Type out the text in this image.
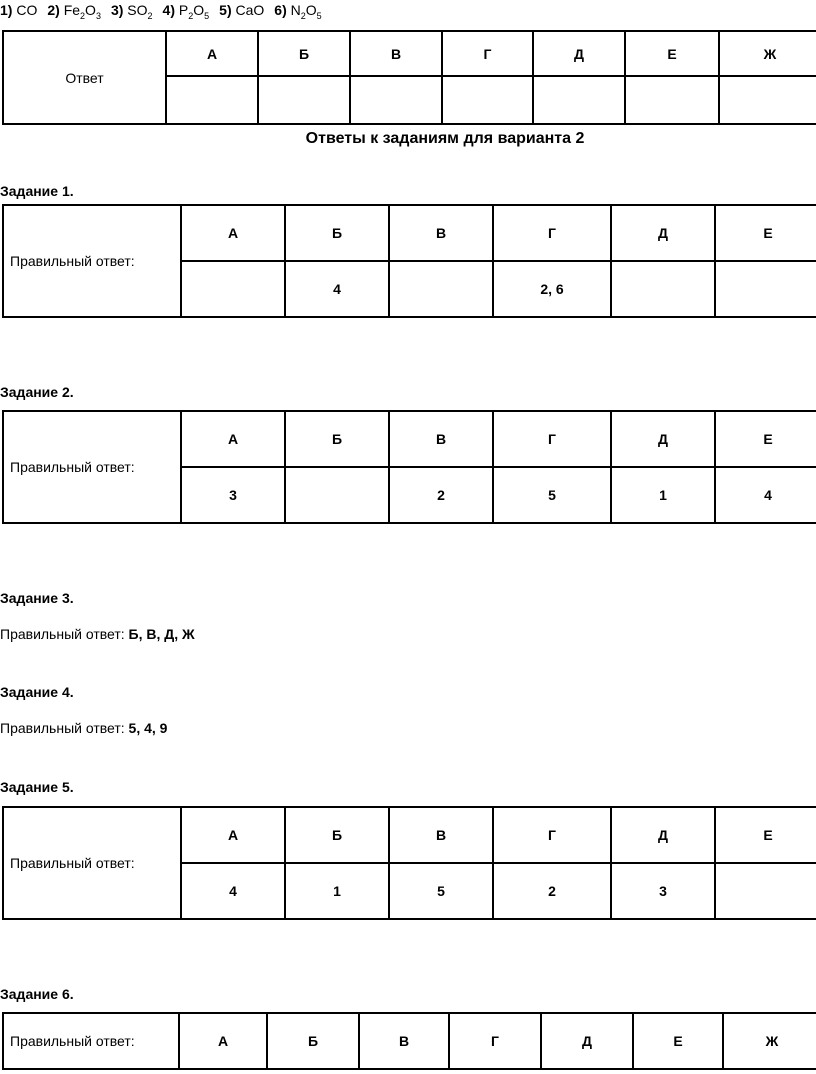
1) CO 2) $Fe_2O_3$ 3) $SO_2$ 4) $P_2O_5$ 5) CaO 6) $N_2O_5$
Ответ	А	Б	В	Г	Д	Е	Ж

Ответы к заданиям для варианта 2
Задание 1.
Правильный ответ:	А	Б	В	Г	Д	Е
		4		2, 6		
Задание 2.
Правильный ответ:	А	Б	В	Г	Д	Е
	3		2	5	1	4
Задание 3.
Правильный ответ: Б, В, Д, Ж
Задание 4.
Правильный ответ: 5, 4, 9
Задание 5.
Правильный ответ:	А	Б	В	Г	Д	Е
	4	1	5	2	3	
Задание 6.
Правильный ответ:	А	Б	В	Г	Д	Е	Ж
